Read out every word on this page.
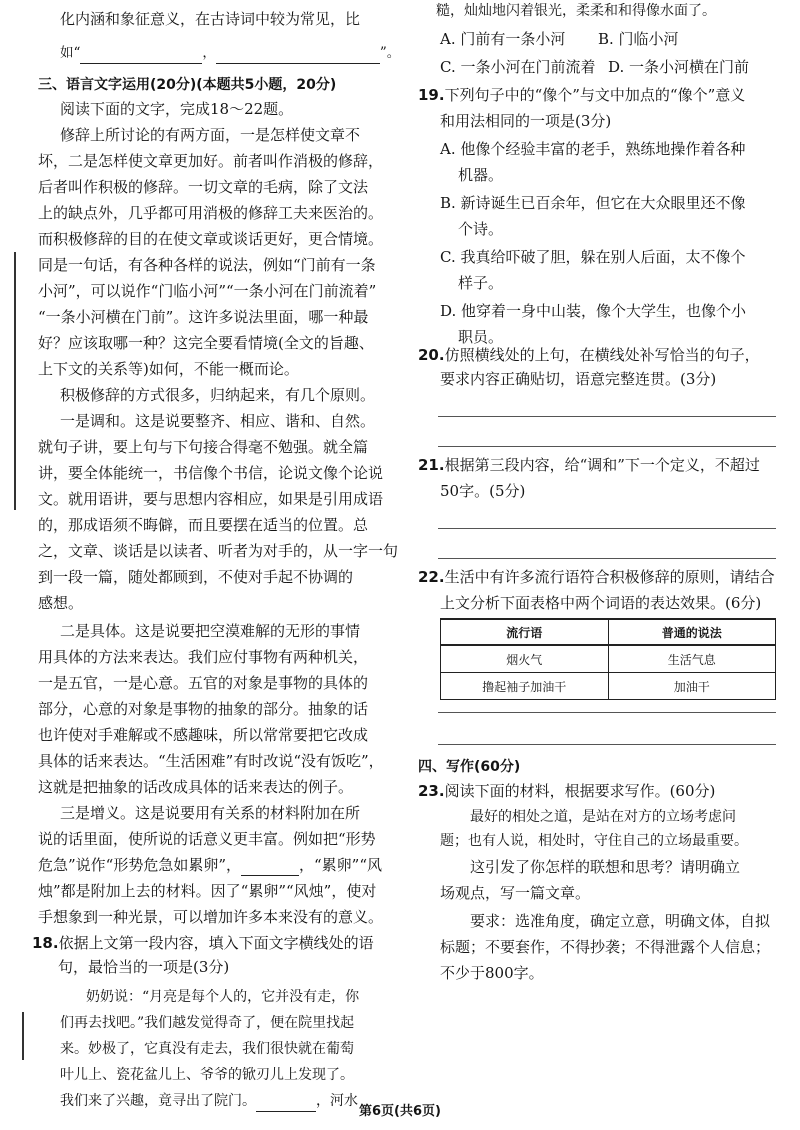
化内涵和象征意义，在古诗词中较为常见，比
如“	，	”。
三、语言文字运用(20分)(本题共5小题，20分)
阅读下面的文字，完成18～22题。
修辞上所讨论的有两方面，一是怎样使文章不
坏，二是怎样使文章更加好。前者叫作消极的修辞，
后者叫作积极的修辞。一切文章的毛病，除了文法
上的缺点外，几乎都可用消极的修辞工夫来医治的。
而积极修辞的目的在使文章或谈话更好，更合情境。
同是一句话，有各种各样的说法，例如“门前有一条
小河”，可以说作“门临小河”“一条小河在门前流着”
“一条小河横在门前”。这许多说法里面，哪一种最
好？应该取哪一种？这完全要看情境(全文的旨趣、
上下文的关系等)如何，不能一概而论。
积极修辞的方式很多，归纳起来，有几个原则。
一是调和。这是说要整齐、相应、谐和、自然。
就句子讲，要上句与下句接合得毫不勉强。就全篇
讲，要全体能统一，书信像个书信，论说文像个论说
文。就用语讲，要与思想内容相应，如果是引用成语
的，那成语须不晦僻，而且要摆在适当的位置。总
之，文章、谈话是以读者、听者为对手的，从一字一句
到一段一篇，随处都顾到，不使对手起不协调的
感想。
二是具体。这是说要把空漠难解的无形的事情
用具体的方法来表达。我们应付事物有两种机关，
一是五官，一是心意。五官的对象是事物的具体的
部分，心意的对象是事物的抽象的部分。抽象的话
也许使对手难解或不感趣味，所以常常要把它改成
具体的话来表达。“生活困难”有时改说“没有饭吃”，
这就是把抽象的话改成具体的话来表达的例子。
三是增义。这是说要用有关系的材料附加在所
说的话里面，使所说的话意义更丰富。例如把“形势
危急”说作“形势危急如累卵”，	，“累卵”“风
烛”都是附加上去的材料。因了“累卵”“风烛”，使对
手想象到一种光景，可以增加许多本来没有的意义。
18.依据上文第一段内容，填入下面文字横线处的语
句，最恰当的一项是(3分)
奶奶说：“月亮是每个人的，它并没有走，你
们再去找吧。”我们越发觉得奇了，便在院里找起
来。妙极了，它真没有走去，我们很快就在葡萄
叶儿上、瓷花盆儿上、爷爷的锨刃儿上发现了。
我们来了兴趣，竟寻出了院门。	，河水
糙，灿灿地闪着银光，柔柔和和得像水面了。
A. 门前有一条小河 B. 门临小河
C. 一条小河在门前流着 D. 一条小河横在门前
19.下列句子中的“像个”与文中加点的“像个”意义
和用法相同的一项是(3分)
A. 他像个经验丰富的老手，熟练地操作着各种
机器。
B. 新诗诞生已百余年，但它在大众眼里还不像
个诗。
C. 我真给吓破了胆，躲在别人后面，太不像个
样子。
D. 他穿着一身中山装，像个大学生，也像个小
职员。
20.仿照横线处的上句，在横线处补写恰当的句子，
要求内容正确贴切，语意完整连贯。(3分)
21.根据第三段内容，给“调和”下一个定义，不超过
50字。(5分)
22.生活中有许多流行语符合积极修辞的原则，请结合
上文分析下面表格中两个词语的表达效果。(6分)
流行语	普通的说法
烟火气	生活气息
撸起袖子加油干	加油干
四、写作(60分)
23.阅读下面的材料，根据要求写作。(60分)
最好的相处之道，是站在对方的立场考虑问
题；也有人说，相处时，守住自己的立场最重要。
这引发了你怎样的联想和思考？请明确立
场观点，写一篇文章。
要求：选准角度，确定立意，明确文体，自拟
标题；不要套作，不得抄袭；不得泄露个人信息；
不少于800字。
第6页(共6页)
